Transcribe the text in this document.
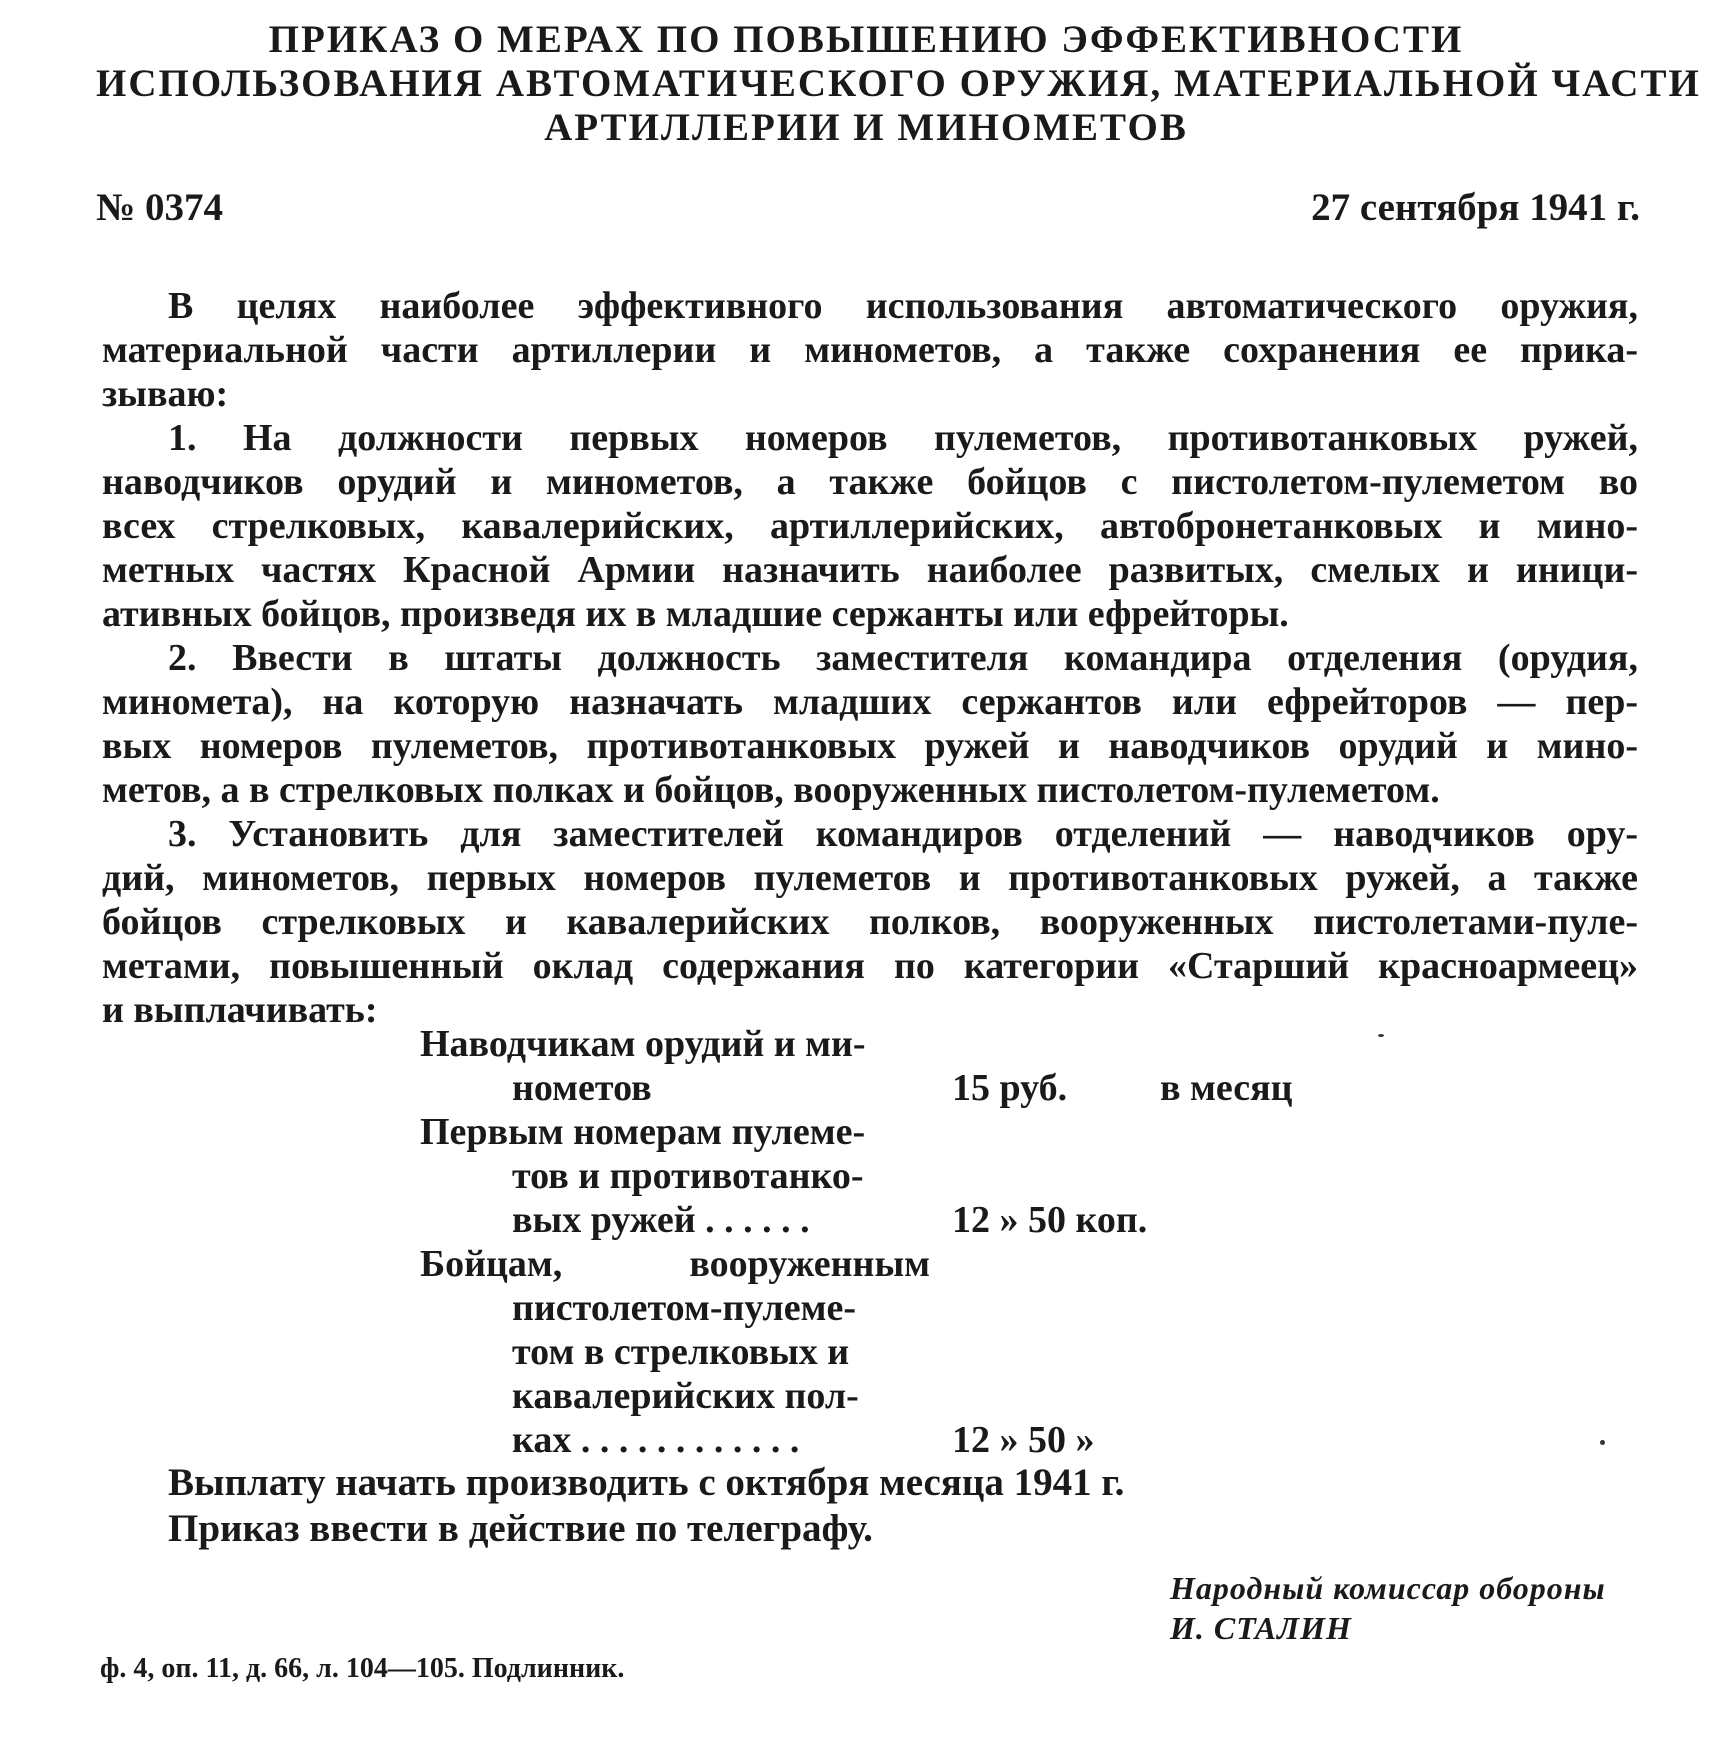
ПРИКАЗ О МЕРАХ ПО ПОВЫШЕНИЮ ЭФФЕКТИВНОСТИ
ИСПОЛЬЗОВАНИЯ АВТОМАТИЧЕСКОГО ОРУЖИЯ, МАТЕРИАЛЬНОЙ ЧАСТИ
АРТИЛЛЕРИИ И МИНОМЕТОВ
№ 0374	27 сентября 1941 г.
В целях наиболее эффективного использования автоматического оружия,
материальной части артиллерии и минометов, а также сохранения ее прика-
зываю:
1. На должности первых номеров пулеметов, противотанковых ружей,
наводчиков орудий и минометов, а также бойцов с пистолетом-пулеметом во
всех стрелковых, кавалерийских, артиллерийских, автобронетанковых и мино-
метных частях Красной Армии назначить наиболее развитых, смелых и иници-
ативных бойцов, произведя их в младшие сержанты или ефрейторы.
2. Ввести в штаты должность заместителя командира отделения (орудия,
минометa), на которую назначать младших сержантов или ефрейторов — пер-
вых номеров пулеметов, противотанковых ружей и наводчиков орудий и мино-
метов, а в стрелковых полках и бойцов, вооруженных пистолетом-пулеметом.
3. Установить для заместителей командиров отделений — наводчиков ору-
дий, минометов, первых номеров пулеметов и противотанковых ружей, а также
бойцов стрелковых и кавалерийских полков, вооруженных пистолетами-пуле-
метами, повышенный оклад содержания по категории «Старший красноармеец»
и выплачивать:
Наводчикам орудий и ми-
нометов	15 руб. в месяц
Первым номерам пулеме-
тов и противотанко-
вых ружей . . . . . .	12 » 50 коп.
Бойцам, вооруженным
пистолетом-пулеме-
том в стрелковых и
кавалерийских пол-
ках . . . . . . . . . . . .	12 » 50 »
Выплату начать производить с октября месяца 1941 г.
Приказ ввести в действие по телеграфу.
Народный комиссар обороны
И. СТАЛИН
ф. 4, оп. 11, д. 66, л. 104—105. Подлинник.
